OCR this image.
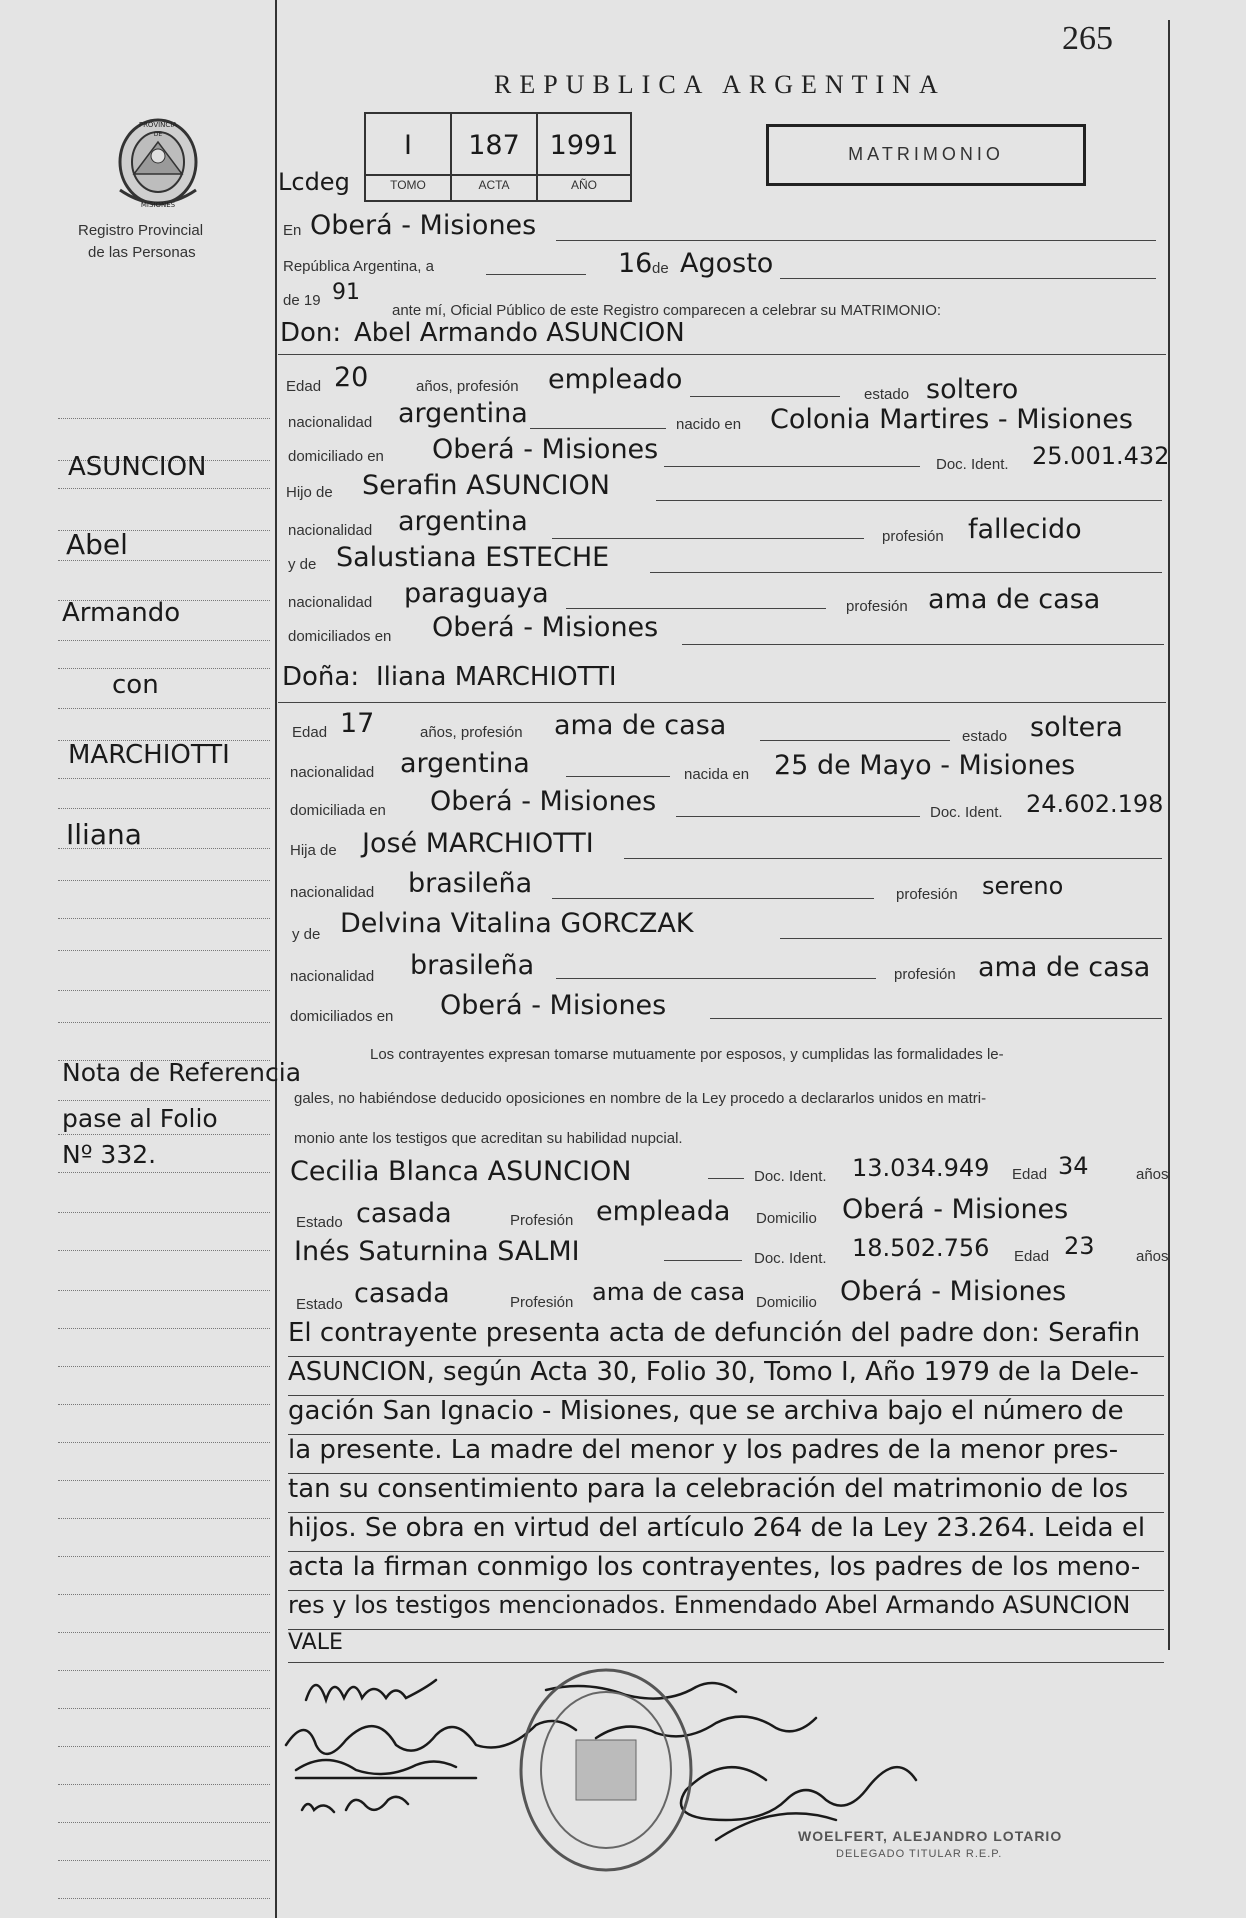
265
REPUBLICA ARGENTINA
PROVINCIA
DE
MISIONES
Registro Provincial
de las Personas
Lcdeg
I	187	1991
TOMO	ACTA	AÑO
MATRIMONIO
ASUNCION
Abel
Armando
con
MARCHIOTTI
Iliana
Nota de Referencia
pase al Folio
Nº 332.
En Oberá - Misiones
República Argentina, a	16 de Agosto
de 19 91
ante mí, Oficial Público de este Registro comparecen a celebrar su MATRIMONIO:
Don: Abel Armando ASUNCION
Edad 20	años, profesión empleado	estado soltero
nacionalidad argentina	nacido en Colonia Martires - Misiones
domiciliado en Oberá - Misiones	Doc. Ident. 25.001.432
Hijo de Serafin ASUNCION
nacionalidad argentina	profesión fallecido
y de Salustiana ESTECHE
nacionalidad paraguaya	profesión ama de casa
domiciliados en Oberá - Misiones
Doña: Iliana MARCHIOTTI
Edad 17	años, profesión ama de casa	estado soltera
nacionalidad argentina	nacida en 25 de Mayo - Misiones
domiciliada en Oberá - Misiones	Doc. Ident. 24.602.198
Hija de José MARCHIOTTI
nacionalidad brasileña	profesión sereno
y de Delvina Vitalina GORCZAK
nacionalidad brasileña	profesión ama de casa
domiciliados en Oberá - Misiones
Los contrayentes expresan tomarse mutuamente por esposos, y cumplidas las formalidades le-
gales, no habiéndose deducido oposiciones en nombre de la Ley procedo a declararlos unidos en matri-
monio ante los testigos que acreditan su habilidad nupcial.
Cecilia Blanca ASUNCION	Doc. Ident. 13.034.949 Edad 34	años
Estado casada	Profesión empleada Domicilio Oberá - Misiones
Inés Saturnina SALMI	Doc. Ident. 18.502.756 Edad 23	años
Estado casada	Profesión ama de casa Domicilio Oberá - Misiones
El contrayente presenta acta de defunción del padre don: Serafin
ASUNCION, según Acta 30, Folio 30, Tomo I, Año 1979 de la Dele-
gación San Ignacio - Misiones, que se archiva bajo el número de
la presente. La madre del menor y los padres de la menor pres-
tan su consentimiento para la celebración del matrimonio de los
hijos. Se obra en virtud del artículo 264 de la Ley 23.264. Leida el
acta la firman conmigo los contrayentes, los padres de los meno-
res y los testigos mencionados. Enmendado Abel Armando ASUNCION
VALE
WOELFERT, ALEJANDRO LOTARIO
DELEGADO TITULAR R.E.P.
